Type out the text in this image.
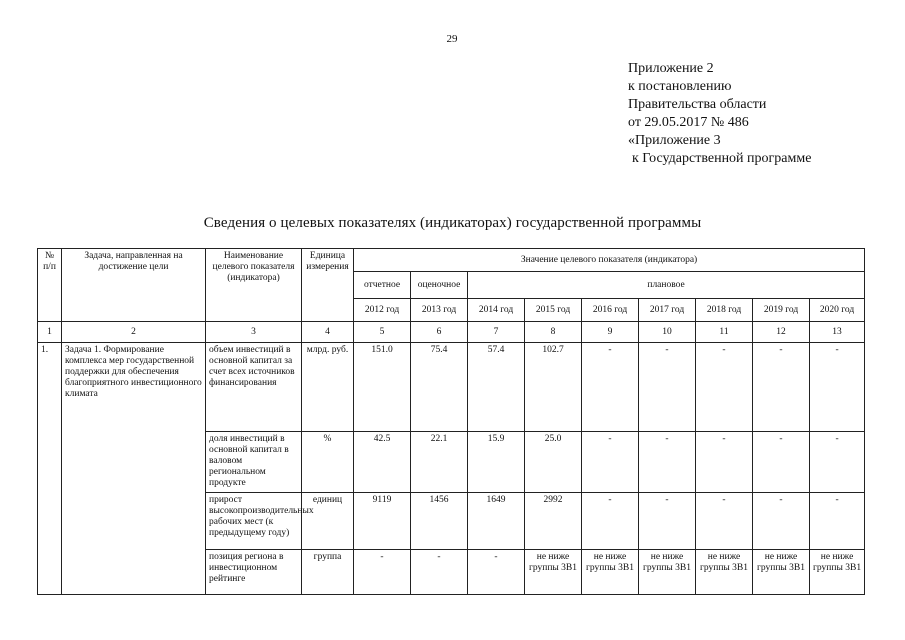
29
Приложение 2
к постановлению
Правительства области
от 29.05.2017 № 486
«Приложение 3
к Государственной программе
Сведения о целевых показателях (индикаторах) государственной программы
№ п/п	Задача, направленная на достижение цели	Наименование целевого показателя (индикатора)	Единица измерения	Значение целевого показателя (индикатора)								
				отчетное	оценочное	плановое						
				2012 год	2013 год	2014 год	2015 год	2016 год	2017 год	2018 год	2019 год	2020 год
1	2	3	4	5	6	7	8	9	10	11	12	13
1.	Задача 1. Формирование комплекса мер государственной поддержки для обеспечения благоприятного инвестиционного климата	объем инвестиций в основной капитал за счет всех источников финансирования	млрд. руб.	151.0	75.4	57.4	102.7	-	-	-	-	-
		доля инвестиций в основной капитал в валовом региональном продукте	%	42.5	22.1	15.9	25.0	-	-	-	-	-
		прирост высокопроизводительных рабочих мест (к предыдущему году)	единиц	9119	1456	1649	2992	-	-	-	-	-
		позиция региона в инвестиционном рейтинге	группа	-	-	-	не ниже группы 3В1	не ниже группы 3В1	не ниже группы 3В1	не ниже группы 3В1	не ниже группы 3В1	не ниже группы 3В1
